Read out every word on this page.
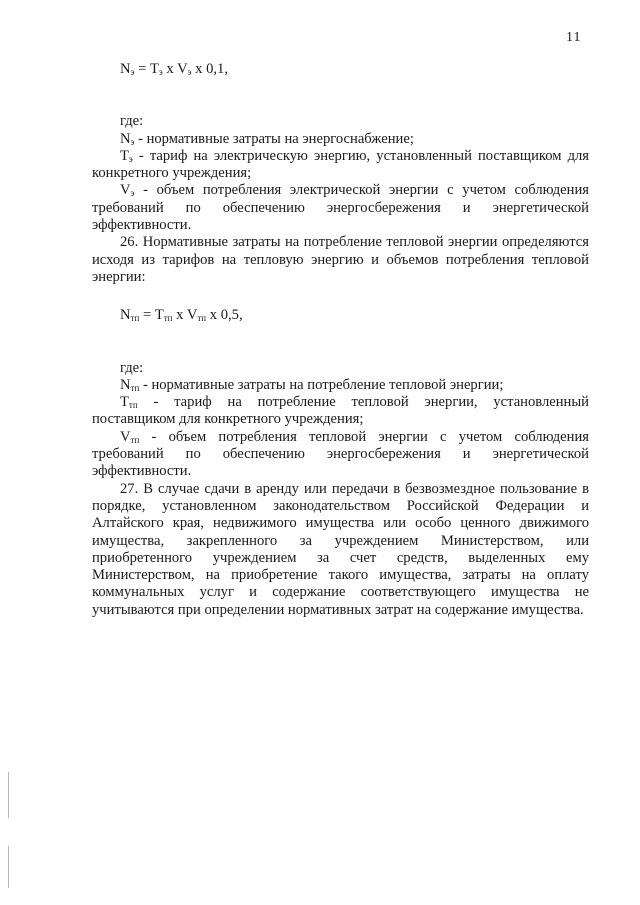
11

$N_э = T_э$ x $V_э$ x 0,1,

где:

$N_э$ - нормативные затраты на энергоснабжение;

$T_э$ - тариф на электрическую энергию, установленный поставщиком для конкретного учреждения;

$V_э$ - объем потребления электрической энергии с учетом соблюдения требований по обеспечению энергосбережения и энергетической эффективности.

26. Нормативные затраты на потребление тепловой энергии определяются исходя из тарифов на тепловую энергию и объемов потребления тепловой энергии:

$N_{тп} = T_{тп}$ x $V_{тп}$ x 0,5,

где:

$N_{тп}$ - нормативные затраты на потребление тепловой энергии;

$T_{тп}$ - тариф на потребление тепловой энергии, установленный поставщиком для конкретного учреждения;

$V_{тп}$ - объем потребления тепловой энергии с учетом соблюдения требований по обеспечению энергосбережения и энергетической эффективности.

27. В случае сдачи в аренду или передачи в безвозмездное пользование в порядке, установленном законодательством Российской Федерации и Алтайского края, недвижимого имущества или особо ценного движимого имущества, закрепленного за учреждением Министерством, или приобретенного учреждением за счет средств, выделенных ему Министерством, на приобретение такого имущества, затраты на оплату коммунальных услуг и содержание соответствующего имущества не учитываются при определении нормативных затрат на содержание имущества.
